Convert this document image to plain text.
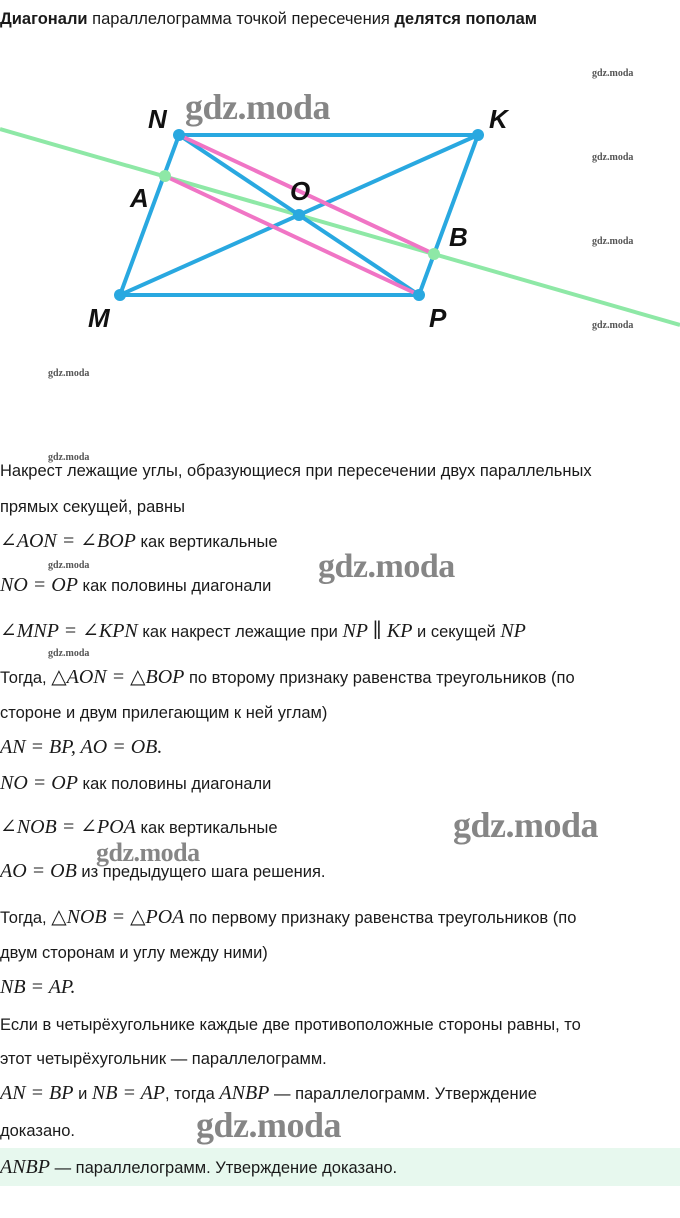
Диагонали параллелограмма точкой пересечения делятся пополам
N	K
A	O
B
M	P
gdz.moda
gdz.moda
gdz.moda
gdz.moda
gdz.moda
gdz.moda
gdz.moda
gdz.moda
gdz.moda
Накрест лежащие углы, образующиеся при пересечении двух параллельных
прямых секущей, равны
∠AON = ∠BOP как вертикальные
NO = OP как половины диагонали
gdz.moda
∠MNP = ∠KPN как накрест лежащие при NP ∥ KP и секущей NP
Тогда, △AON = △BOP по второму признаку равенства треугольников (по
стороне и двум прилегающим к ней углам)
AN = BP, AO = OB.
NO = OP как половины диагонали
∠NOB = ∠POA как вертикальные	gdz.moda
gdz.moda
AO = OB из предыдущего шага решения.
Тогда, △NOB = △POA по первому признаку равенства треугольников (по
двум сторонам и углу между ними)
NB = AP.
Если в четырёхугольнике каждые две противоположные стороны равны, то
этот четырёхугольник — параллелограмм.
AN = BP и NB = AP, тогда ANBP — параллелограмм. Утверждение
доказано.	gdz.moda
ANBP — параллелограмм. Утверждение доказано.
